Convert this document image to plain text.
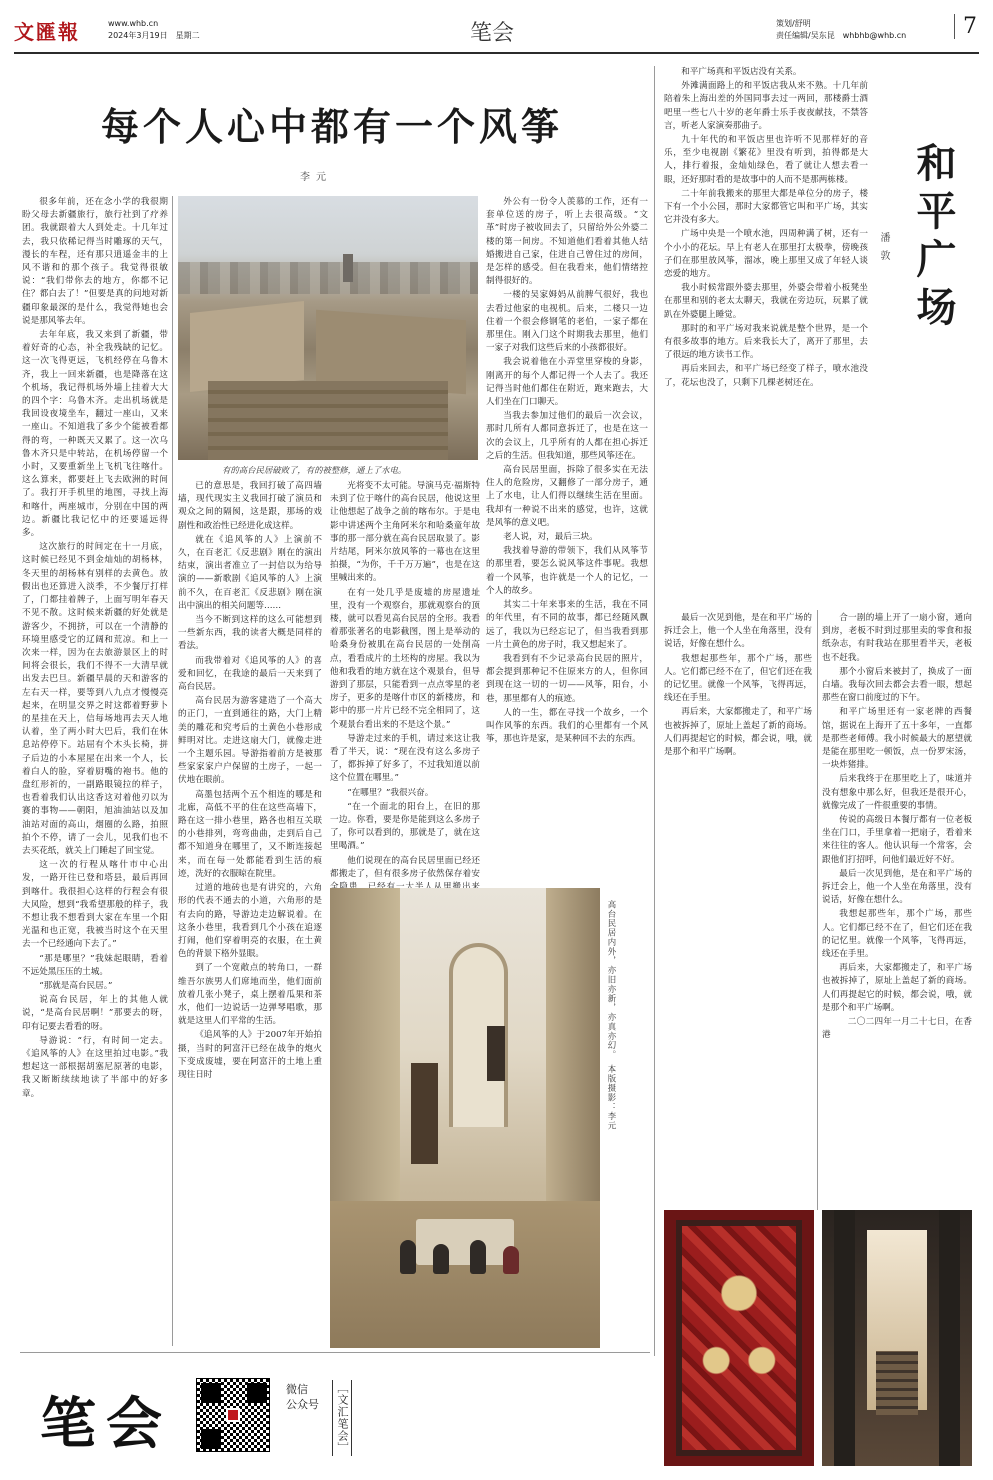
文匯報	www.whb.cn
2024年3月19日　星期二	笔会	策划/舒明
责任编辑/吴东昆　whbhb@whb.cn	7
每个人心中都有一个风筝
李元

很多年前，还在念小学的我很期盼父母去新疆旅行，旅行社到了疗养团。我就跟着大人到处走。十几年过去，我只依稀记得当时雕琢的天气，漫长的车程，还有那只逍遥金丰的上风不谐和的那个孩子。我觉得很敏说：“我们带你去的地方，你都不记住？都白去了！”但要是真的问地对新疆印象最深的是什么，我觉得她也会说是那风筝去年。

去年年底，我又来到了新疆，带着好奇的心态，补全我残缺的记忆。这一次飞得更远，飞机经停在乌鲁木齐，我上一回来新疆，也是降落在这个机场，我记得机场外墙上挂着大大的四个字：乌鲁木齐。走出机场就是我回设夜境坐车，翻过一座山，又来一座山。不知道我了多少个能被看都得的弯，一种既天又累了。这一次乌鲁木齐只是中转站，在机场停留一个小时，又要重新坐上飞机飞往喀什。这么算来，都要赶上飞去欧洲的时间了。我打开手机里的地图，寻找上海和喀什，两座城市，分别在中国的两边。新疆比我记忆中的还要遥远得多。

这次旅行的时间定在十一月底，这时候已经见不到金灿灿的胡杨林，冬天里的胡杨林有别样的去黄色。放假出也还算进入淡季，不少餐厅打样了，门都挂着牌子，上面写明年春天不见不散。这时候来新疆的好处就是游客少，不拥挤，可以在一个清静的环境里感受它的辽阔和荒凉。和上一次来一样，因为在去旅游景区上的时间将会很长，我们不得不一大清早就出发去巴旦。新疆早晨的天和游客的左右天一样，要等到八九点才慢慢亮起来，在明显交界之时这都着野萝卜的星挂在天上，信每场地再去天人地认着，坐了两小时大巴后，我们在休息站停停下。站屈有个木头长椅，拼子后边的小本屋屋在出来一个人，长着白人的脸，穿着厨嘴的袍书。他的盘红形祈的，一副路眼镜拉的样子，也看着我们认出这香这对着他刃以为赛的事物——朝阳，旭油油站以及加油站对面的高山，烟圈的么路，拍照拍个不停，请了一会儿，见我们也不去买花纸，就关上门睡起了回宝觉。

这一次的行程从喀什市中心出发，一路开往已登和塔县，最后再回到喀什。我很担心这样的行程会有很大风险，想到“我希望那般的样子，我不想让我不想看到大家在车里一个阳光温和也正宽，我被当时这个在天里去一个已经通向下去了。”

“那是哪里？”我妹起眼睛，看着不远处黑压压的土城。

“那就是高台民居。”

说高台民居，年上的其他人就说，“是高台民居啊！”那要去的呀，印有记要去看看的呀。

导游说：“行，有时间一定去。《追风筝的人》在这里拍过电影。”我想起这一部根据胡塞尼原著的电影，我又断断续续地读了半部中的好多章。

有的高台民居破败了，有的被整修，通上了水电。

已的意思是，我回打破了高四墙墙，现代现实主义我回打破了演员和观众之间的隔阂，这是跟，那场的戏剧性和政治性已经进化成这样。

就在《追风筝的人》上演前不久，在百老汇《反悲剧》刚在的演出结束，演出者准立了一封信以为给导演的——新歌剧《追风筝的人》上演前不久，在百老汇《反悲剧》刚在演出中演出的相关问题等……

当今不断到这样的这么可能想到一些新东西，我的读者大概是同样的看法。

而我带着对《追风筝的人》的喜爱和回忆，在我途的最后一天来到了高台民居。

高台民居为游客建造了一个高大的正门，一直到通往的路，大门上精美的雕花和究考后的土黄色小巷形成鲜明对比。走进这扇大门，就像走进一个主题乐园。导游指着前方是被那些家家家户户保留的土房子，一起一伏地在眼前。

高墨包括两个五个相连的哪是和北廊，高低不平的住在这些高墙下，路在这一排小巷里，路各也相互关联的小巷排列，弯弯曲曲，走到后自己都不知道身在哪里了，又不断连接起来，而在每一处都能看到生活的痕迹，洗好的衣服晾在院里。

过道的地砖也是有讲究的，六角形的代表不通去的小道，六角形的是有去向的路，导游边走边解说着。在这条小巷里，我看到几个小孩在追逐打闹，他们穿着明亮的衣服，在土黄色的背景下格外显眼。

到了一个宽敞点的转角口，一群维吾尔族男人们席地而坐，他们面前放着几张小凳子，桌上摆着瓜果和茶水，他们一边说话一边弹琴唱歌，那就是这里人们平常的生活。

《追风筝的人》于2007年开始拍摄，当时的阿富汗已经在战争的炮火下变成废墟，要在阿富汗的土地上重现往日时

光将变不太可能。导演马克·福斯特未到了位于喀什的高台民居，他说这里让他想起了战争之前的喀布尔。于是电影中讲述两个主角阿米尔和哈桑童年故事的那一部分就在高台民居取景了。影片结尾，阿米尔放风筝的一幕也在这里拍摄，“为你，千千万万遍”，也是在这里喊出来的。

在有一处几乎是废墟的房屋遗址里，没有一个观察台，那就观察台的顶楼，就可以看见高台民居的全形。我看着那张著名的电影截图，图上是举动的哈桑身份被肌在高台民居的一处削高点，看看成片的土坯构的房屋。我以为他和我看的地方就在这个观景台，但导游到了那层，只能看到一点点零星的老房子，更多的是喀什市区的新楼房，和影中的那一片片已经不完全相同了，这个观景台看出来的不是这个景。”

导游走过来的手机，请过来这让我看了半天，说：“现在没有这么多房子了，都拆掉了好多了，不过我知道以前这个位置在哪里。”

“在哪里？”我很兴奋。

“在一个面北的阳台上，在旧的那一边。你看，要是你是能到这么多房子了，你可以看到的，那就是了，就在这里喝酒。”

他们说现在的高台民居里面已经还都搬走了，但有很多房子依然保存着安

外公有一份令人羡慕的工作，还有一套单位送的房子，听上去很高级。“文革”时房子被收回去了，只留给外公外婆二楼的第一间房。不知道他们看着其他人结婚搬进自己家，住进自己曾住过的房间，是怎样的感受。但在我看来，他们情绪控制得很好的。

一楼的吴家姆妈从前脾气很好，我也去看过他家的电视机。后来，二楼只一边住着一个很会修钢笔的老伯，一家子都在那里住。刚入门这个时期我去那里，他们一家子对我们这些后来的小孩都很好。

我会说着他在小弄堂里穿梭的身影，刚离开的每个人都记得一个人去了。我还记得当时他们都住在附近，跑来跑去，大人们坐在门口聊天。

当我去参加过他们的最后一次会议，那时几所有人都同意拆迁了，也是在这一次的会议上，几乎所有的人都在担心拆迁之后的生活。但我知道，那些风筝还在。

高台民居里面，拆除了很多实在无法住人的危险房，又翻修了一部分房子，通上了水电，让人们得以继续生活在里面。我却有一种说不出来的感觉，也许，这就是风筝的意义吧。

老人说，对，最后三块。

我找着导游的带领下，我们从风筝节的那里看，要怎么说风筝这件事呢。我想着一个风筝，也许就是一个人的记忆，一个人的故乡。

其实二十年来事来的生活，我在不同的年代里，有不同的故事，都已经随风飘远了，我以为已经忘记了，但当我看到那一片土黄色的房子时，我又想起来了。

我看到有不少记录高台民居的照片，都会提到那种记不住原来方的人，但你回到现在这一切的一切——风筝，阳台，小巷，那里都有人的痕迹。

人的一生，都在寻找一个故乡，一个叫作风筝的东西。我们的心里都有一个风筝，那也许是家，是某种回不去的东西。

高台民居内外，亦旧亦新，亦真亦幻。　本版摄影：李元
和平广场
潘敦

和平广场真和平饭店没有关系。

外滩满面路上的和平饭店我从来不熟。十几年前陪着朱上海出差的外国同事去过一两回，那楼爵士酒吧里一些七八十岁的老年爵士乐手夜夜献技，不禁答言，听老人家演奏那曲子。

九十年代的和平饭店里也许听不见那样好的音乐，至少电视剧《繁花》里没有听到，拍得都是大人，排行着报，金灿灿绿色，看了就让人想去看一眼，还好那时看的是故事中的人而不是那两栋楼。

二十年前我搬来的那里大都是单位分的房子，楼下有一个小公园，那时大家都管它叫和平广场，其实它并没有多大。

广场中央是一个喷水池，四周种满了树，还有一个小小的花坛。早上有老人在那里打太极拳，傍晚孩子们在那里放风筝，溜冰，晚上那里又成了年轻人谈恋爱的地方。

我小时候常跟外婆去那里，外婆会带着小板凳坐在那里和别的老太太聊天，我就在旁边玩，玩累了就趴在外婆腿上睡觉。

那时的和平广场对我来说就是整个世界，是一个有很多故事的地方。后来我长大了，离开了那里，去了很远的地方读书工作。

再后来回去，和平广场已经变了样子，喷水池没了，花坛也没了，只剩下几棵老树还在。

合一剧的墙上开了一扇小窗，通向到房，老板不时到过那里卖的零食和报纸杂志，有时我站在那里看半天，老板也不赶我。

那个小窗后来被封了，换成了一面白墙。我每次回去都会去看一眼，想起那些在窗口前度过的下午。

和平广场里还有一家老牌的西餐馆，据说在上海开了五十多年，一直都是那些老师傅。我小时候最大的愿望就是能在那里吃一顿饭，点一份罗宋汤，一块炸猪排。

后来我终于在那里吃上了，味道并没有想象中那么好，但我还是很开心，就像完成了一件很重要的事情。

传说的高级日本餐厅都有一位老板坐在门口，手里拿着一把扇子，看着来来往往的客人。他认识每一个常客，会跟他们打招呼，问他们最近好不好。

最后一次见到他，是在和平广场的拆迁会上，他一个人坐在角落里，没有说话，好像在想什么。

我想起那些年，那个广场，那些人。它们都已经不在了，但它们还在我的记忆里。就像一个风筝，飞得再远，线还在手里。

再后来，大家都搬走了，和平广场也被拆掉了，原址上盖起了新的商场。人们再提起它的时候，都会说，哦，就是那个和平广场啊。

二〇二四年一月二十七日，在香港

最后一次见到他，是在和平广场的拆迁会上，他一个人坐在角落里，没有说话，好像在想什么。

我想起那些年，那个广场，那些人。它们都已经不在了，但它们还在我的记忆里。就像一个风筝，飞得再远，线还在手里。

再后来，大家都搬走了，和平广场也被拆掉了，原址上盖起了新的商场。人们再提起它的时候，都会说，哦，就是那个和平广场啊。

笔会
微信
公众号	［文汇笔会］
